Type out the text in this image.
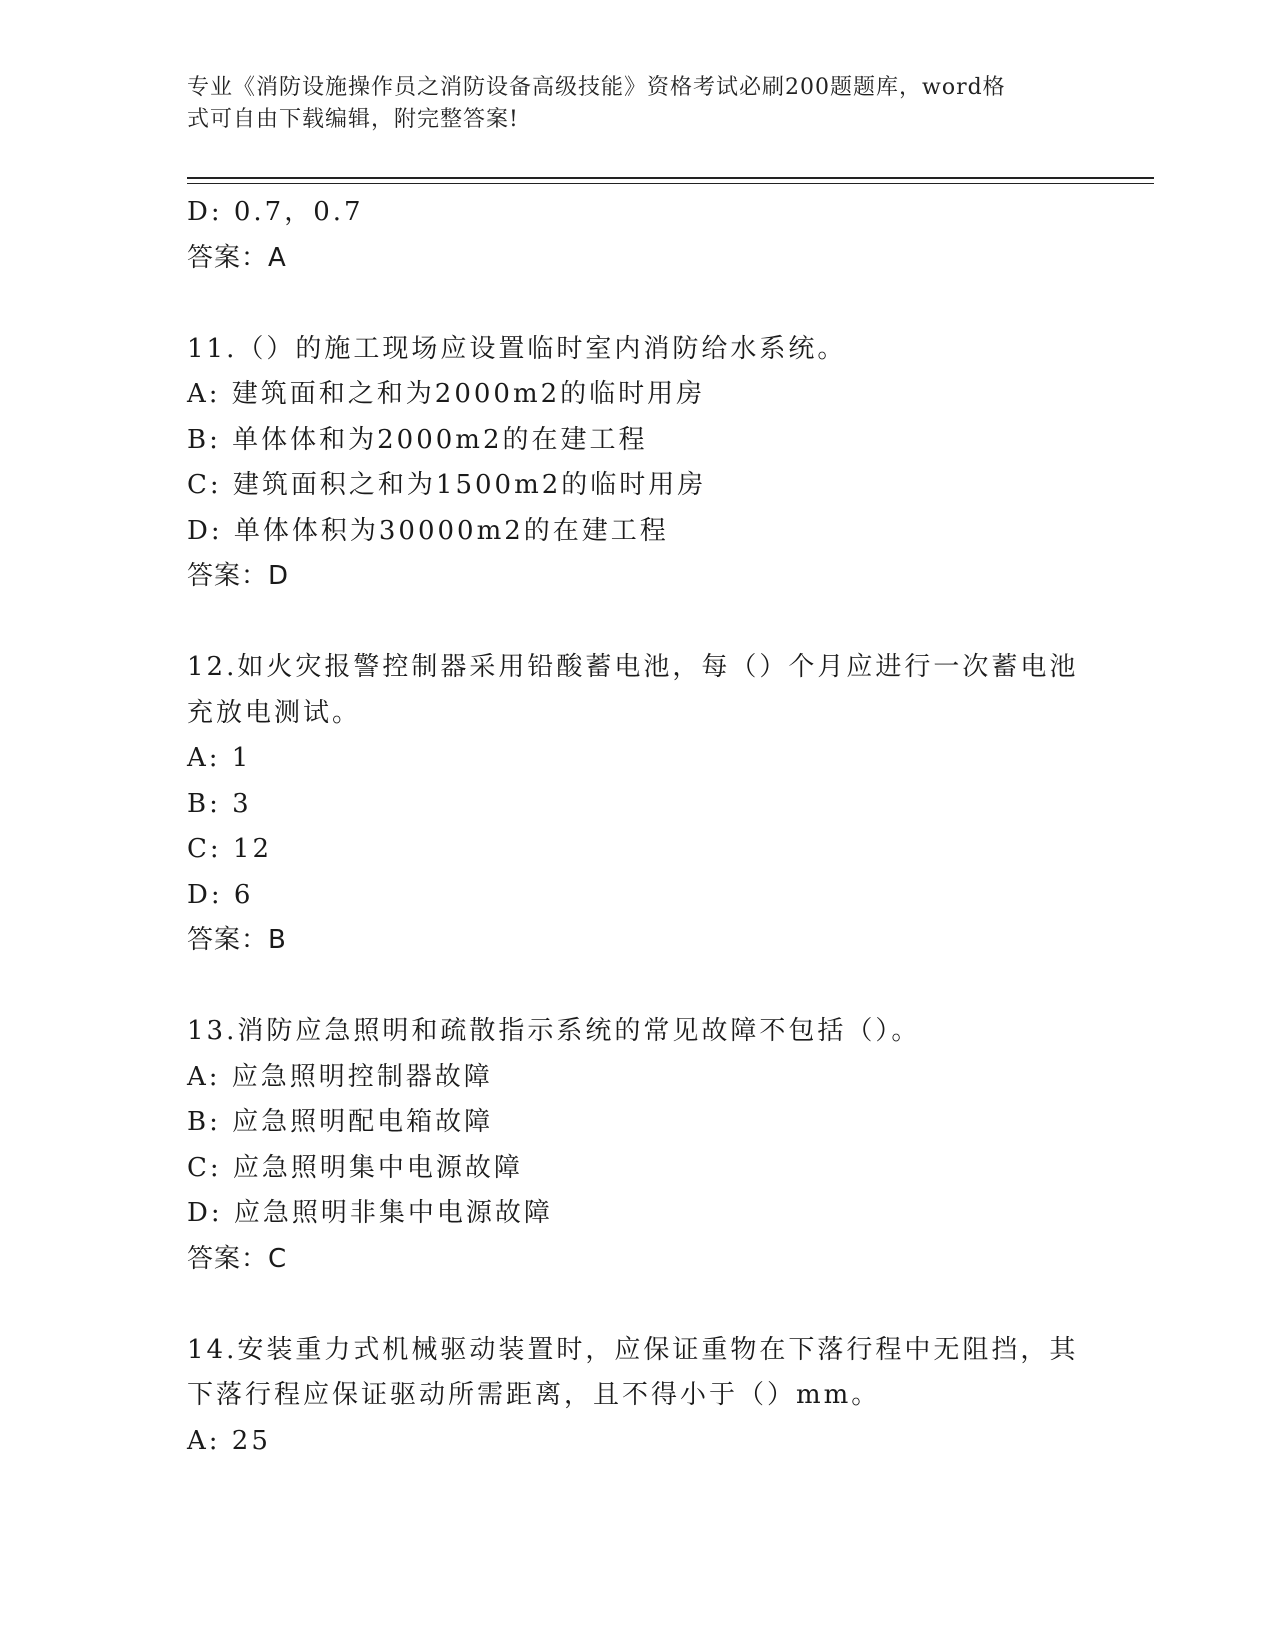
专业《消防设施操作员之消防设备高级技能》资格考试必刷200题题库，word格
式可自由下载编辑，附完整答案!
D: 0.7，0.7
答案：A
11.（）的施工现场应设置临时室内消防给水系统。
A: 建筑面和之和为2000m2的临时用房
B: 单体体和为2000m2的在建工程
C: 建筑面积之和为1500m2的临时用房
D: 单体体积为30000m2的在建工程
答案：D
12.如火灾报警控制器采用铅酸蓄电池，每（）个月应进行一次蓄电池
充放电测试。
A: 1
B: 3
C: 12
D: 6
答案：B
13.消防应急照明和疏散指示系统的常见故障不包括（）。
A: 应急照明控制器故障
B: 应急照明配电箱故障
C: 应急照明集中电源故障
D: 应急照明非集中电源故障
答案：C
14.安装重力式机械驱动装置时，应保证重物在下落行程中无阻挡，其
下落行程应保证驱动所需距离，且不得小于（）mm。
A: 25
